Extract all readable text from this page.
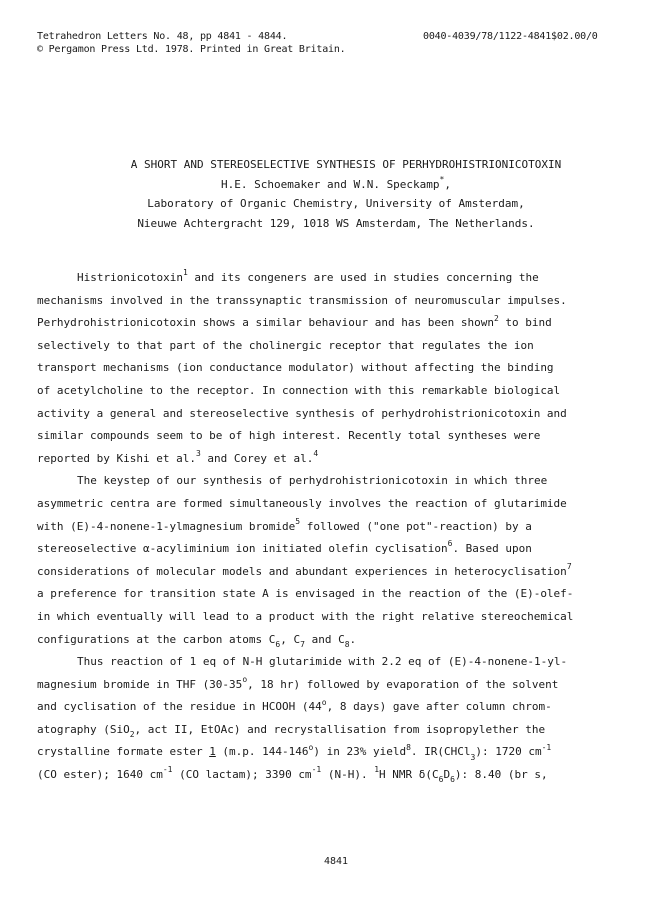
Tetrahedron Letters No. 48, pp 4841 - 4844.
© Pergamon Press Ltd. 1978. Printed in Great Britain.
0040-4039/78/1122-4841$02.00/0
A SHORT AND STEREOSELECTIVE SYNTHESIS OF PERHYDROHISTRIONICOTOXIN
H.E. Schoemaker and W.N. Speckamp*,
Laboratory of Organic Chemistry, University of Amsterdam,
Nieuwe Achtergracht 129, 1018 WS Amsterdam, The Netherlands.
Histrionicotoxin$^1$ and its congeners are used in studies concerning the
mechanisms involved in the transsynaptic transmission of neuromuscular impulses.
Perhydrohistrionicotoxin shows a similar behaviour and has been shown$^2$ to bind
selectively to that part of the cholinergic receptor that regulates the ion
transport mechanisms (ion conductance modulator) without affecting the binding
of acetylcholine to the receptor. In connection with this remarkable biological
activity a general and stereoselective synthesis of perhydrohistrionicotoxin and
similar compounds seem to be of high interest. Recently total syntheses were
reported by Kishi et al.$^3$ and Corey et al.$^4$
The keystep of our synthesis of perhydrohistrionicotoxin in which three
asymmetric centra are formed simultaneously involves the reaction of glutarimide
with (E)-4-nonene-1-ylmagnesium bromide$^5$ followed ("one pot"-reaction) by a
stereoselective α-acyliminium ion initiated olefin cyclisation$^6$. Based upon
considerations of molecular models and abundant experiences in heterocyclisation$^7$
a preference for transition state A is envisaged in the reaction of the (E)-olef-
in which eventually will lead to a product with the right relative stereochemical
configurations at the carbon atoms $C_6$, $C_7$ and $C_8$.
Thus reaction of 1 eq of N-H glutarimide with 2.2 eq of (E)-4-nonene-1-yl-
magnesium bromide in THF (30-35$^o$, 18 hr) followed by evaporation of the solvent
and cyclisation of the residue in HCOOH (44$^o$, 8 days) gave after column chrom-
atography (SiO$_2$, act II, EtOAc) and recrystallisation from isopropylether the
crystalline formate ester 1 (m.p. 144-146$^o$) in 23% yield$^8$. IR(CHCl$_3$): 1720 $cm^{-1}$
(CO ester); 1640 $cm^{-1}$ (CO lactam); 3390 $cm^{-1}$ (N-H). $^1$H NMR $\delta(C_6D_6)$: 8.40 (br s,
4841
